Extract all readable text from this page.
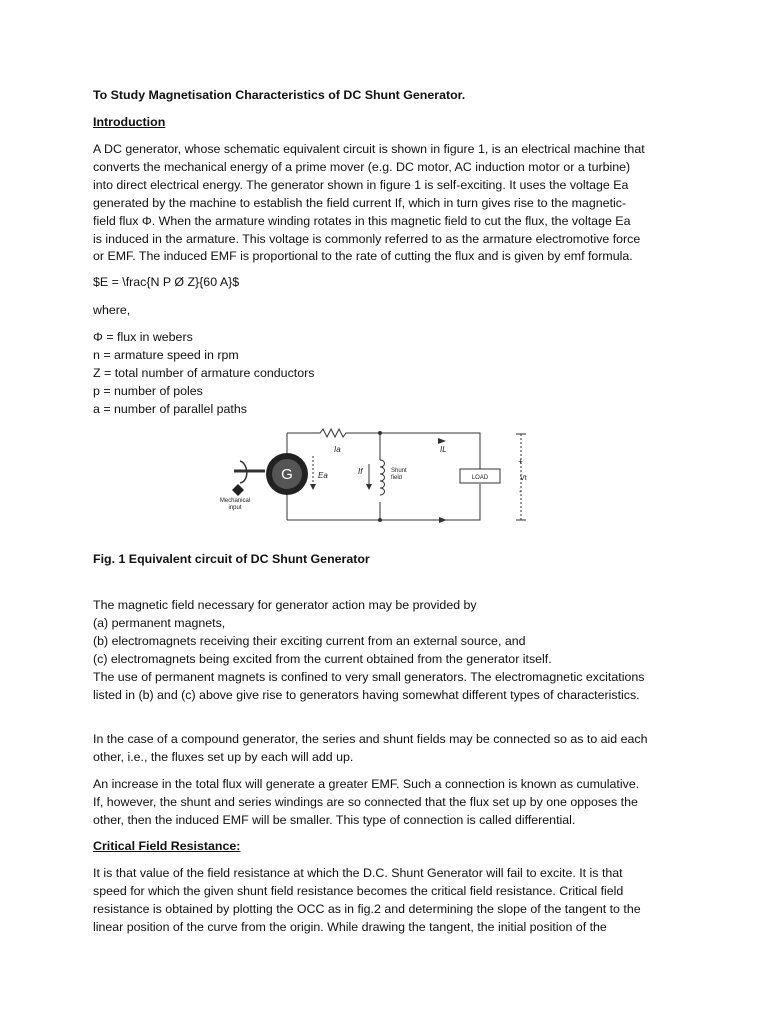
To Study Magnetisation Characteristics of DC Shunt Generator.
Introduction
A DC generator, whose schematic equivalent circuit is shown in figure 1, is an electrical machine that
converts the mechanical energy of a prime mover (e.g. DC motor, AC induction motor or a turbine)
into direct electrical energy. The generator shown in figure 1 is self-exciting. It uses the voltage Ea
generated by the machine to establish the field current If, which in turn gives rise to the magnetic-
field flux Φ. When the armature winding rotates in this magnetic field to cut the flux, the voltage Ea
is induced in the armature. This voltage is commonly referred to as the armature electromotive force
or EMF. The induced EMF is proportional to the rate of cutting the flux and is given by emf formula.
$E = \frac{N P Ø Z}{60 A}$
where,
Φ = flux in webers
n = armature speed in rpm
Z = total number of armature conductors
p = number of poles
a = number of parallel paths
G
Mechanical
input
Ia	IL
If
Ea	Shunt
field	LOAD	Vt
+
-
Fig. 1 Equivalent circuit of DC Shunt Generator
The magnetic field necessary for generator action may be provided by
(a) permanent magnets,
(b) electromagnets receiving their exciting current from an external source, and
(c) electromagnets being excited from the current obtained from the generator itself.
The use of permanent magnets is confined to very small generators. The electromagnetic excitations
listed in (b) and (c) above give rise to generators having somewhat different types of characteristics.
In the case of a compound generator, the series and shunt fields may be connected so as to aid each
other, i.e., the fluxes set up by each will add up.
An increase in the total flux will generate a greater EMF. Such a connection is known as cumulative.
If, however, the shunt and series windings are so connected that the flux set up by one opposes the
other, then the induced EMF will be smaller. This type of connection is called differential.
Critical Field Resistance:
It is that value of the field resistance at which the D.C. Shunt Generator will fail to excite. It is that
speed for which the given shunt field resistance becomes the critical field resistance. Critical field
resistance is obtained by plotting the OCC as in fig.2 and determining the slope of the tangent to the
linear position of the curve from the origin. While drawing the tangent, the initial position of the
